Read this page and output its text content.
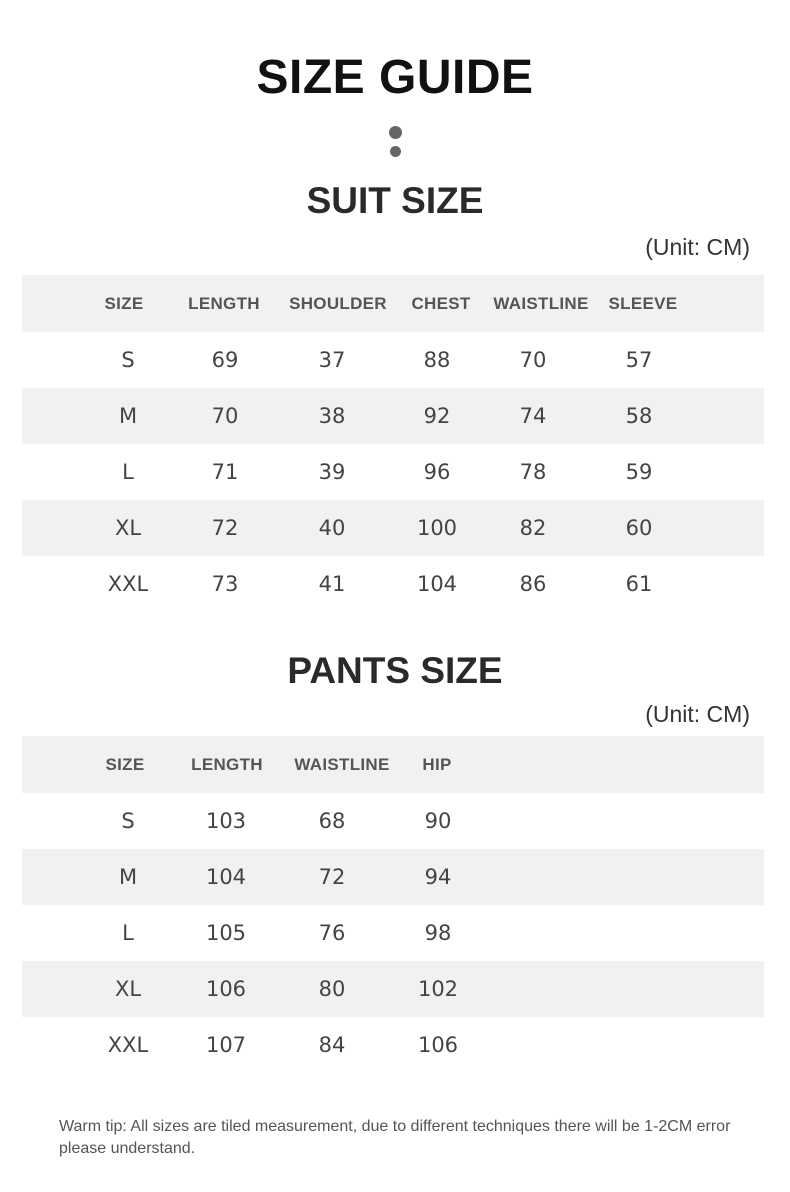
SIZE GUIDE
SUIT SIZE
(Unit: CM)
SIZE	LENGTH	SHOULDER	CHEST	WAISTLINE	SLEEVE
S	69	37	88	70	57
M	70	38	92	74	58
L	71	39	96	78	59
XL	72	40	100	82	60
XXL	73	41	104	86	61
PANTS SIZE
(Unit: CM)
SIZE	LENGTH	WAISTLINE	HIP
S	103	68	90
M	104	72	94
L	105	76	98
XL	106	80	102
XXL	107	84	106
Warm tip: All sizes are tiled measurement, due to different techniques there will be 1-2CM error please understand.
